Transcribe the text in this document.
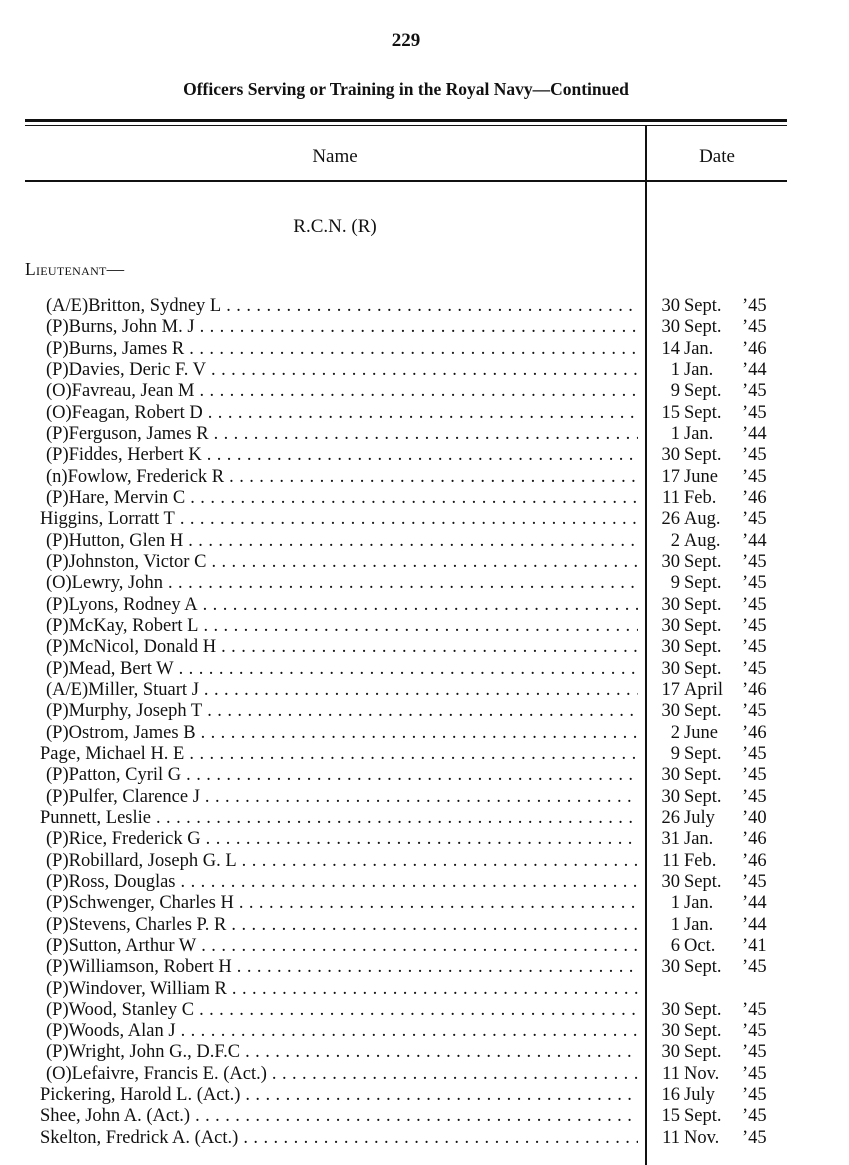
229
Officers Serving or Training in the Royal Navy—Continued
Name	Date
R.C.N. (R)
Lieutenant—
(A/E)Britton, Sydney L . . .	30 Sept. ’45
(P)Burns, John M. J . . .	30 Sept. ’45
(P)Burns, James R . . .	14 Jan. ’46
(P)Davies, Deric F. V . . .	1 Jan. ’44
(O)Favreau, Jean M . . .	9 Sept. ’45
(O)Feagan, Robert D . . .	15 Sept. ’45
(P)Ferguson, James R . . .	1 Jan. ’44
(P)Fiddes, Herbert K . . .	30 Sept. ’45
(n)Fowlow, Frederick R . . .	17 June ’45
(P)Hare, Mervin C . . .	11 Feb. ’46
Higgins, Lorratt T . . .	26 Aug. ’45
(P)Hutton, Glen H . . .	2 Aug. ’44
(P)Johnston, Victor C . . .	30 Sept. ’45
(O)Lewry, John . . .	9 Sept. ’45
(P)Lyons, Rodney A . . .	30 Sept. ’45
(P)McKay, Robert L . . .	30 Sept. ’45
(P)McNicol, Donald H . . .	30 Sept. ’45
(P)Mead, Bert W . . .	30 Sept. ’45
(A/E)Miller, Stuart J . . .	17 April ’46
(P)Murphy, Joseph T . . .	30 Sept. ’45
(P)Ostrom, James B . . .	2 June ’46
Page, Michael H. E . . .	9 Sept. ’45
(P)Patton, Cyril G . . .	30 Sept. ’45
(P)Pulfer, Clarence J . . .	30 Sept. ’45
Punnett, Leslie . . .	26 July ’40
(P)Rice, Frederick G . . .	31 Jan. ’46
(P)Robillard, Joseph G. L . . .	11 Feb. ’46
(P)Ross, Douglas . . .	30 Sept. ’45
(P)Schwenger, Charles H . . .	1 Jan. ’44
(P)Stevens, Charles P. R . . .	1 Jan. ’44
(P)Sutton, Arthur W . . .	6 Oct. ’41
(P)Williamson, Robert H . . .	30 Sept. ’45
(P)Windover, William R . . .
(P)Wood, Stanley C . . .	30 Sept. ’45
(P)Woods, Alan J . . .	30 Sept. ’45
(P)Wright, John G., D.F.C . . .	30 Sept. ’45
(O)Lefaivre, Francis E. (Act.) . . .	11 Nov. ’45
Pickering, Harold L. (Act.) . . .	16 July ’45
Shee, John A. (Act.) . . .	15 Sept. ’45
Skelton, Fredrick A. (Act.) . . .	11 Nov. ’45
